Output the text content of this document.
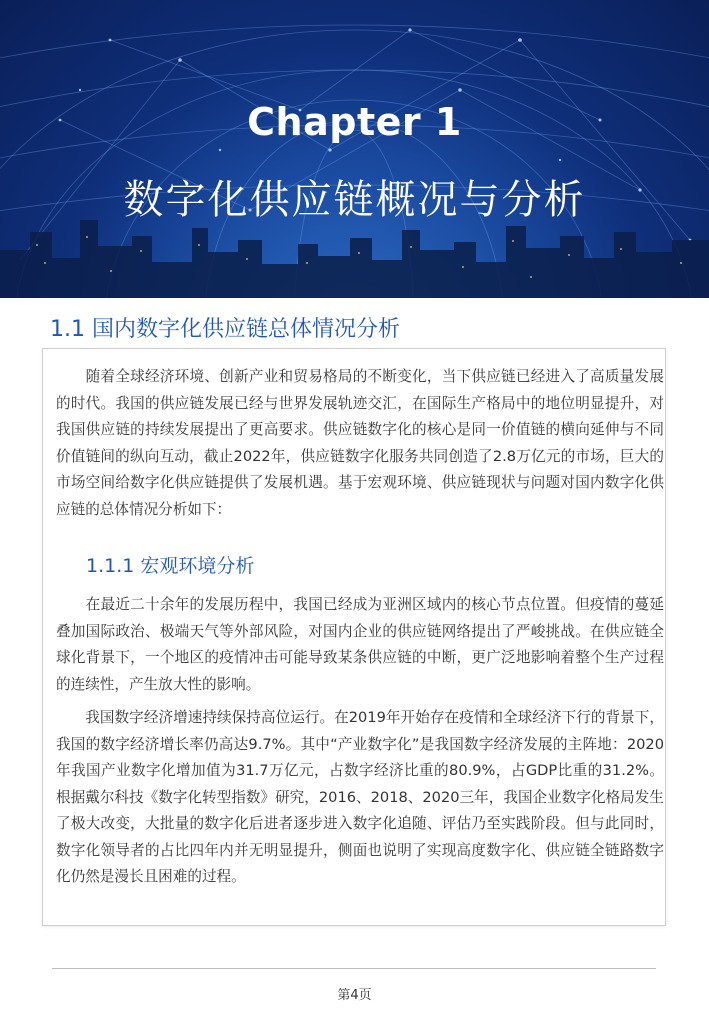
Chapter 1
数字化供应链概况与分析
1.1 国内数字化供应链总体情况分析
　　随着全球经济环境、创新产业和贸易格局的不断变化，当下供应链已经进入了高质量发展的时代。我国的供应链发展已经与世界发展轨迹交汇，在国际生产格局中的地位明显提升，对我国供应链的持续发展提出了更高要求。供应链数字化的核心是同一价值链的横向延伸与不同价值链间的纵向互动，截止2022年，供应链数字化服务共同创造了2.8万亿元的市场，巨大的市场空间给数字化供应链提供了发展机遇。基于宏观环境、供应链现状与问题对国内数字化供应链的总体情况分析如下：
1.1.1 宏观环境分析
　　在最近二十余年的发展历程中，我国已经成为亚洲区域内的核心节点位置。但疫情的蔓延叠加国际政治、极端天气等外部风险，对国内企业的供应链网络提出了严峻挑战。在供应链全球化背景下，一个地区的疫情冲击可能导致某条供应链的中断，更广泛地影响着整个生产过程的连续性，产生放大性的影响。
　　我国数字经济增速持续保持高位运行。在2019年开始存在疫情和全球经济下行的背景下，我国的数字经济增长率仍高达9.7%。其中“产业数字化”是我国数字经济发展的主阵地：2020年我国产业数字化增加值为31.7万亿元，占数字经济比重的80.9%，占GDP比重的31.2%。根据戴尔科技《数字化转型指数》研究，2016、2018、2020三年，我国企业数字化格局发生了极大改变，大批量的数字化后进者逐步进入数字化追随、评估乃至实践阶段。但与此同时，数字化领导者的占比四年内并无明显提升，侧面也说明了实现高度数字化、供应链全链路数字化仍然是漫长且困难的过程。
第4页
